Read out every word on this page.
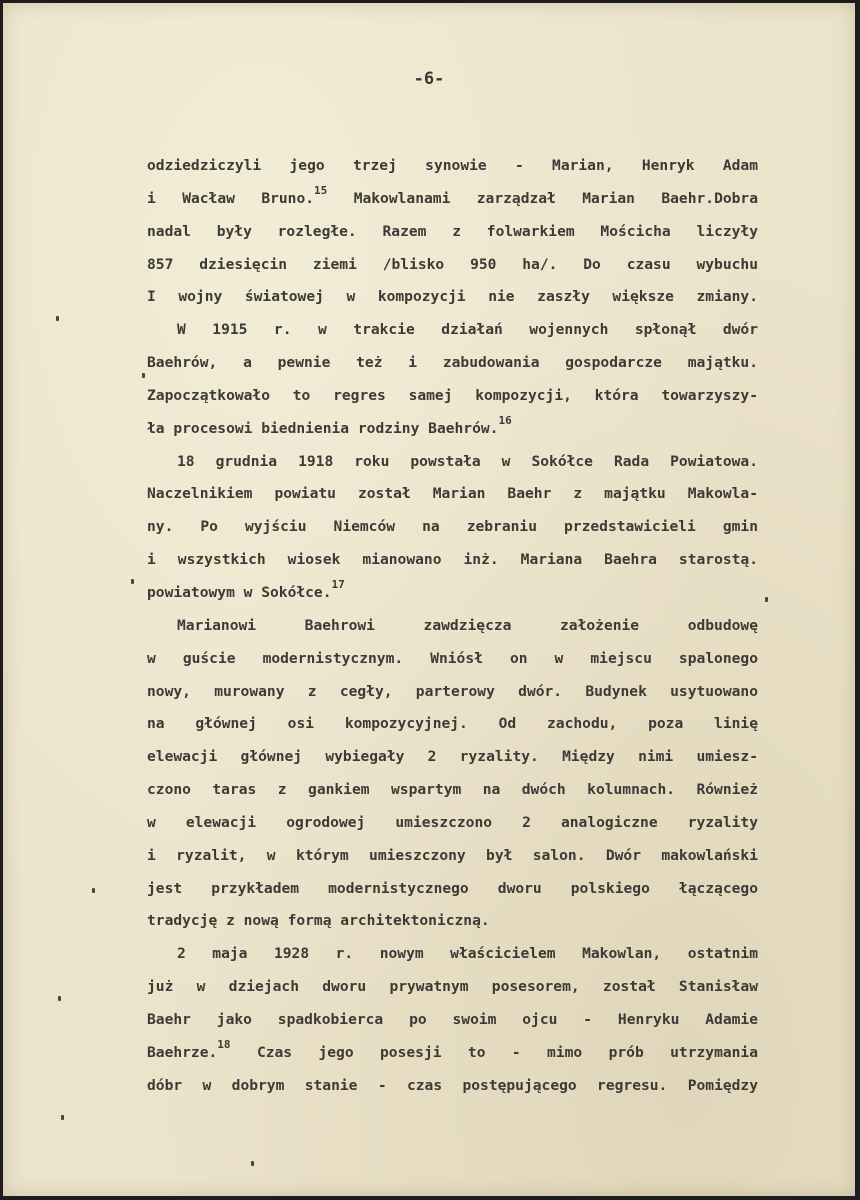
-6-
odziedziczyli jego trzej synowie - Marian, Henryk Adam
i Wacław Bruno.$^{15}$ Makowlanami zarządzał Marian Baehr.Dobra
nadal były rozległe. Razem z folwarkiem Mościcha liczyły
857 dziesięcin ziemi /blisko 950 ha/. Do czasu wybuchu
I wojny światowej w kompozycji nie zaszły większe zmiany.
W 1915 r. w trakcie działań wojennych spłonął dwór
Baehrów, a pewnie też i zabudowania gospodarcze majątku.
Zapoczątkowało to regres samej kompozycji, która towarzyszy-
ła procesowi biednienia rodziny Baehrów.$^{16}$
18 grudnia 1918 roku powstała w Sokółce Rada Powiatowa.
Naczelnikiem powiatu został Marian Baehr z majątku Makowla-
ny. Po wyjściu Niemców na zebraniu przedstawicieli gmin
i wszystkich wiosek mianowano inż. Mariana Baehra starostą.
powiatowym w Sokółce.$^{17}$
Marianowi Baehrowi zawdzięcza założenie odbudowę
w guście modernistycznym. Wniósł on w miejscu spalonego
nowy, murowany z cegły, parterowy dwór. Budynek usytuowano
na głównej osi kompozycyjnej. Od zachodu, poza linię
elewacji głównej wybiegały 2 ryzality. Między nimi umiesz-
czono taras z gankiem wspartym na dwóch kolumnach. Również
w elewacji ogrodowej umieszczono 2 analogiczne ryzality
i ryzalit, w którym umieszczony był salon. Dwór makowlański
jest przykładem modernistycznego dworu polskiego łączącego
tradycję z nową formą architektoniczną.
2 maja 1928 r. nowym właścicielem Makowlan, ostatnim
już w dziejach dworu prywatnym posesorem, został Stanisław
Baehr jako spadkobierca po swoim ojcu - Henryku Adamie
Baehrze.$^{18}$ Czas jego posesji to - mimo prób utrzymania
dóbr w dobrym stanie - czas postępującego regresu. Pomiędzy
